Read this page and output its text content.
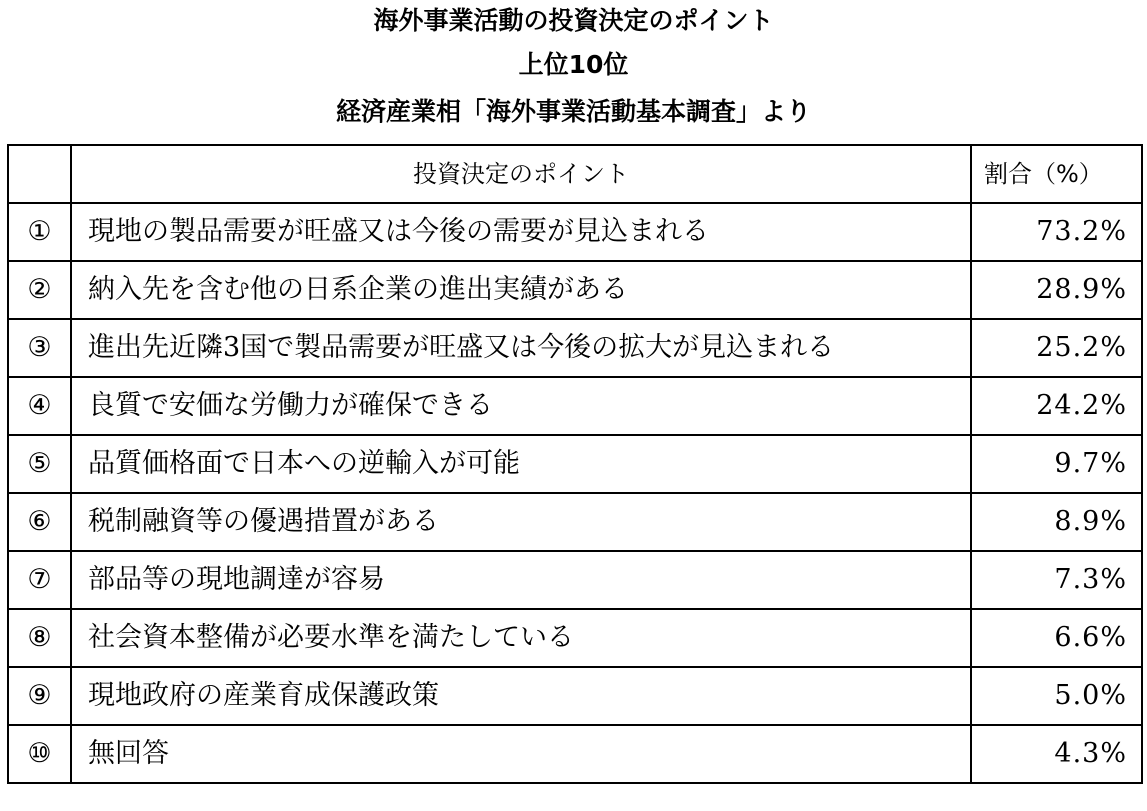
海外事業活動の投資決定のポイント
上位10位
経済産業相「海外事業活動基本調査」より
	投資決定のポイント	割合（%）
①	現地の製品需要が旺盛又は今後の需要が見込まれる	73.2%
②	納入先を含む他の日系企業の進出実績がある	28.9%
③	進出先近隣3国で製品需要が旺盛又は今後の拡大が見込まれる	25.2%
④	良質で安価な労働力が確保できる	24.2%
⑤	品質価格面で日本への逆輸入が可能	9.7%
⑥	税制融資等の優遇措置がある	8.9%
⑦	部品等の現地調達が容易	7.3%
⑧	社会資本整備が必要水準を満たしている	6.6%
⑨	現地政府の産業育成保護政策	5.0%
⑩	無回答	4.3%
